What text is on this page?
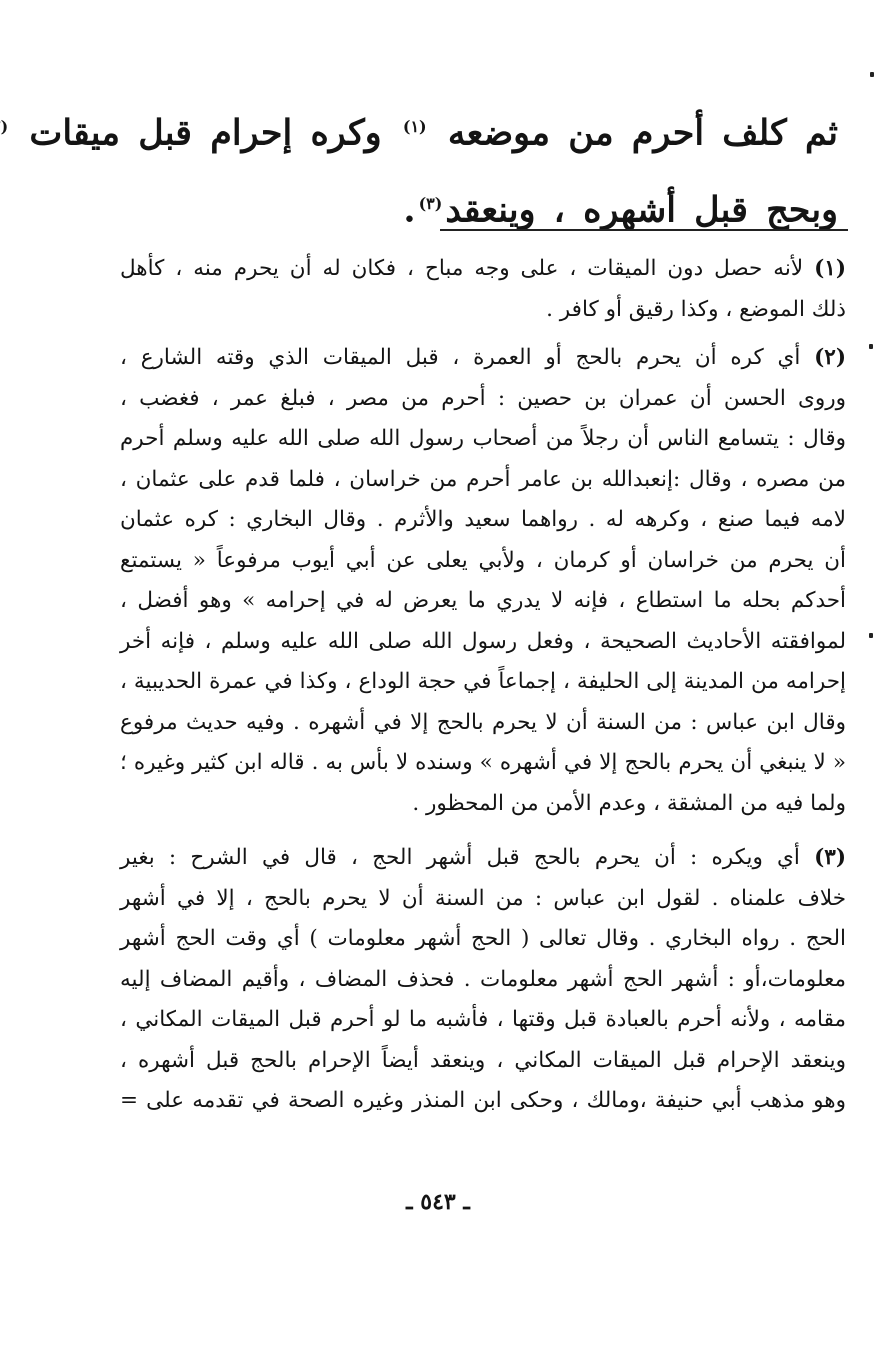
ثم كلف أحرم من موضعه $^{(١)}$ وكره إحرام قبل ميقات (
وبحج قبل أشهره ، وينعقد$^{(٣)}$.
(١) لأنه حصل دون الميقات ، على وجه مباح ، فكان له أن يحرم منه ، كأهل
ذلك الموضع ، وكذا رقيق أو كافر .
(٢) أي كره أن يحرم بالحج أو العمرة ، قبل الميقات الذي وقته الشارع ،
وروى الحسن أن عمران بن حصين : أحرم من مصر ، فبلغ عمر ، فغضب ،
وقال : يتسامع الناس أن رجلاً من أصحاب رسول الله صلى الله عليه وسلم أحرم
من مصره ، وقال :إنعبدالله بن عامر أحرم من خراسان ، فلما قدم على عثمان ،
لامه فيما صنع ، وكرهه له . رواهما سعيد والأثرم . وقال البخاري : كره عثمان
أن يحرم من خراسان أو كرمان ، ولأبي يعلى عن أبي أيوب مرفوعاً « يستمتع
أحدكم بحله ما استطاع ، فإنه لا يدري ما يعرض له في إحرامه » وهو أفضل ،
لموافقته الأحاديث الصحيحة ، وفعل رسول الله صلى الله عليه وسلم ، فإنه أخر
إحرامه من المدينة إلى الحليفة ، إجماعاً في حجة الوداع ، وكذا في عمرة الحديبية ،
وقال ابن عباس : من السنة أن لا يحرم بالحج إلا في أشهره . وفيه حديث مرفوع
« لا ينبغي أن يحرم بالحج إلا في أشهره » وسنده لا بأس به . قاله ابن كثير وغيره ؛
ولما فيه من المشقة ، وعدم الأمن من المحظور .
(٣) أي ويكره : أن يحرم بالحج قبل أشهر الحج ، قال في الشرح : بغير
خلاف علمناه . لقول ابن عباس : من السنة أن لا يحرم بالحج ، إلا في أشهر
الحج . رواه البخاري . وقال تعالى ( الحج أشهر معلومات ) أي وقت الحج أشهر
معلومات،أو : أشهر الحج أشهر معلومات . فحذف المضاف ، وأقيم المضاف إليه
مقامه ، ولأنه أحرم بالعبادة قبل وقتها ، فأشبه ما لو أحرم قبل الميقات المكاني ،
وينعقد الإحرام قبل الميقات المكاني ، وينعقد أيضاً الإحرام بالحج قبل أشهره ،
وهو مذهب أبي حنيفة ،ومالك ، وحكى ابن المنذر وغيره الصحة في تقدمه على =
ـ ٥٤٣ ـ
